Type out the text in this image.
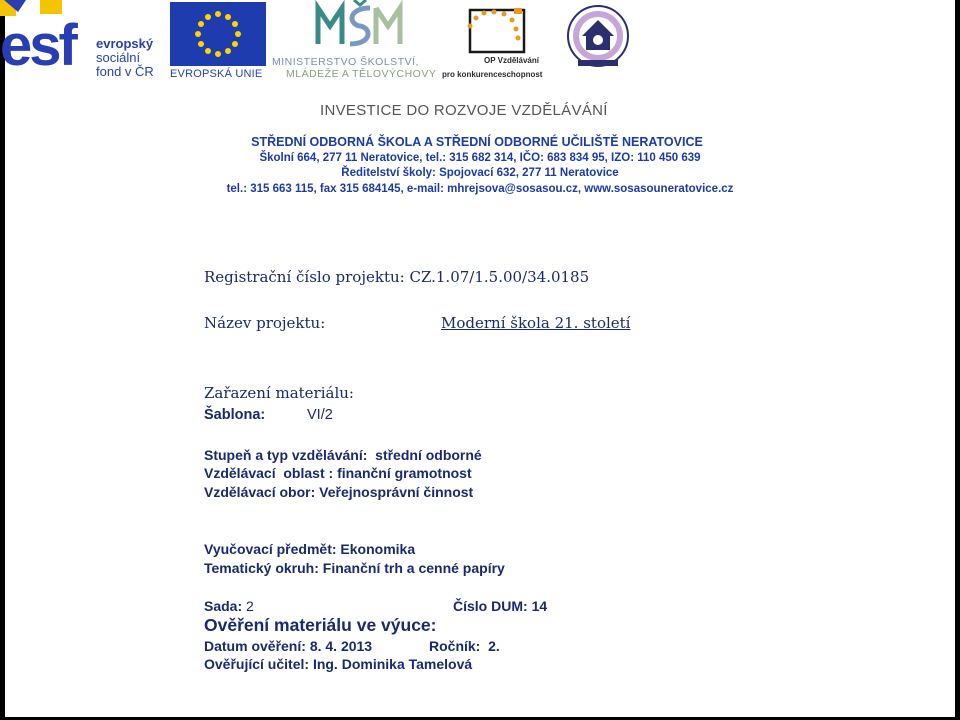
esf evropský
sociální
fond v ČR EVROPSKÁ UNIE
MINISTERSTVO ŠKOLSTVÍ,
MLÁDEŽE A TĚLOVÝCHOVY
OP Vzdělávání
pro konkurenceschopnost
INVESTICE DO ROZVOJE VZDĚLÁVÁNÍ
STŘEDNÍ ODBORNÁ ŠKOLA A STŘEDNÍ ODBORNÉ UČILIŠTĚ NERATOVICE
Školní 664, 277 11 Neratovice, tel.: 315 682 314, IČO: 683 834 95, IZO: 110 450 639
Ředitelství školy: Spojovací 632, 277 11 Neratovice
tel.: 315 663 115, fax 315 684145, e-mail: mhrejsova@sosasou.cz, www.sosasouneratovice.cz
Registrační číslo projektu: CZ.1.07/1.5.00/34.0185
Název projektu:	Moderní škola 21. století
Zařazení materiálu:
Šablona:	VI/2
Stupeň a typ vzdělávání: střední odborné
Vzdělávací  oblast : finanční gramotnost
Vzdělávací obor: Veřejnosprávní činnost
Vyučovací předmět: Ekonomika
Tematický okruh: Finanční trh a cenné papíry
Sada: 2	Číslo DUM: 14
Ověření materiálu ve výuce:
Datum ověření: 8. 4. 2013	Ročník: 2.
Ověřující učitel: Ing. Dominika Tamelová
